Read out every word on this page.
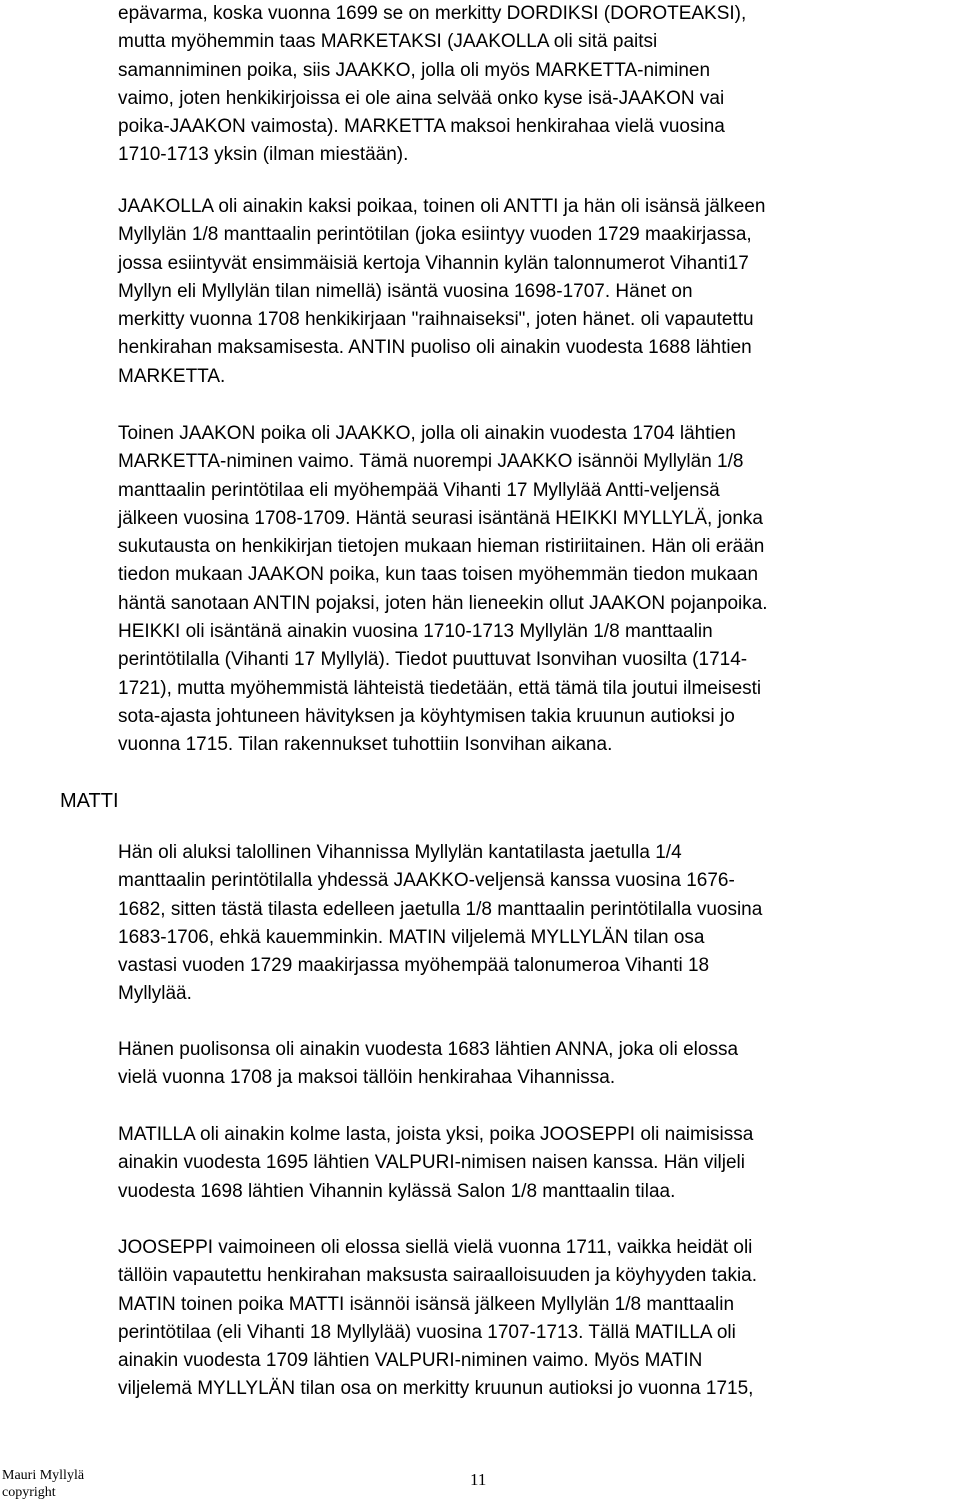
epävarma, koska vuonna 1699 se on merkitty DORDIKSI (DOROTEAKSI),
mutta myöhemmin taas MARKETAKSI (JAAKOLLA oli sitä paitsi
samanniminen poika, siis JAAKKO, jolla oli myös MARKETTA-niminen
vaimo, joten henkikirjoissa ei ole aina selvää onko kyse isä-JAAKON vai
poika-JAAKON vaimosta). MARKETTA maksoi henkirahaa vielä vuosina
1710-1713 yksin (ilman miestään).

JAAKOLLA oli ainakin kaksi poikaa, toinen oli ANTTI ja hän oli isänsä jälkeen
Myllylän 1/8 manttaalin perintötilan (joka esiintyy vuoden 1729 maakirjassa,
jossa esiintyvät ensimmäisiä kertoja Vihannin kylän talonnumerot Vihanti17
Myllyn eli Myllylän tilan nimellä) isäntä vuosina 1698-1707. Hänet on
merkitty vuonna 1708 henkikirjaan "raihnaiseksi", joten hänet. oli vapautettu
henkirahan maksamisesta. ANTIN puoliso oli ainakin vuodesta 1688 lähtien
MARKETTA.

Toinen JAAKON poika oli JAAKKO, jolla oli ainakin vuodesta 1704 lähtien
MARKETTA-niminen vaimo. Tämä nuorempi JAAKKO isännöi Myllylän 1/8
manttaalin perintötilaa eli myöhempää Vihanti 17 Myllylää Antti-veljensä
jälkeen vuosina 1708-1709. Häntä seurasi isäntänä HEIKKI MYLLYLÄ, jonka
sukutausta on henkikirjan tietojen mukaan hieman ristiriitainen. Hän oli erään
tiedon mukaan JAAKON poika, kun taas toisen myöhemmän tiedon mukaan
häntä sanotaan ANTIN pojaksi, joten hän lieneekin ollut JAAKON pojanpoika.
HEIKKI oli isäntänä ainakin vuosina 1710-1713 Myllylän 1/8 manttaalin
perintötilalla (Vihanti 17 Myllylä). Tiedot puuttuvat Isonvihan vuosilta (1714-
1721), mutta myöhemmistä lähteistä tiedetään, että tämä tila joutui ilmeisesti
sota-ajasta johtuneen hävityksen ja köyhtymisen takia kruunun autioksi jo
vuonna 1715. Tilan rakennukset tuhottiin Isonvihan aikana.

MATTI

Hän oli aluksi talollinen Vihannissa Myllylän kantatilasta jaetulla 1/4
manttaalin perintötilalla yhdessä JAAKKO-veljensä kanssa vuosina 1676-
1682, sitten tästä tilasta edelleen jaetulla 1/8 manttaalin perintötilalla vuosina
1683-1706, ehkä kauemminkin. MATIN viljelemä MYLLYLÄN tilan osa
vastasi vuoden 1729 maakirjassa myöhempää talonumeroa Vihanti 18
Myllylää.

Hänen puolisonsa oli ainakin vuodesta 1683 lähtien ANNA, joka oli elossa
vielä vuonna 1708 ja maksoi tällöin henkirahaa Vihannissa.

MATILLA oli ainakin kolme lasta, joista yksi, poika JOOSEPPI oli naimisissa
ainakin vuodesta 1695 lähtien VALPURI-nimisen naisen kanssa. Hän viljeli
vuodesta 1698 lähtien Vihannin kylässä Salon 1/8 manttaalin tilaa.

JOOSEPPI vaimoineen oli elossa siellä vielä vuonna 1711, vaikka heidät oli
tällöin vapautettu henkirahan maksusta sairaalloisuuden ja köyhyyden takia.
MATIN toinen poika MATTI isännöi isänsä jälkeen Myllylän 1/8 manttaalin
perintötilaa (eli Vihanti 18 Myllylää) vuosina 1707-1713. Tällä MATILLA oli
ainakin vuodesta 1709 lähtien VALPURI-niminen vaimo. Myös MATIN
viljelemä MYLLYLÄN tilan osa on merkitty kruunun autioksi jo vuonna 1715,

Mauri Myllylä
copyright

11
